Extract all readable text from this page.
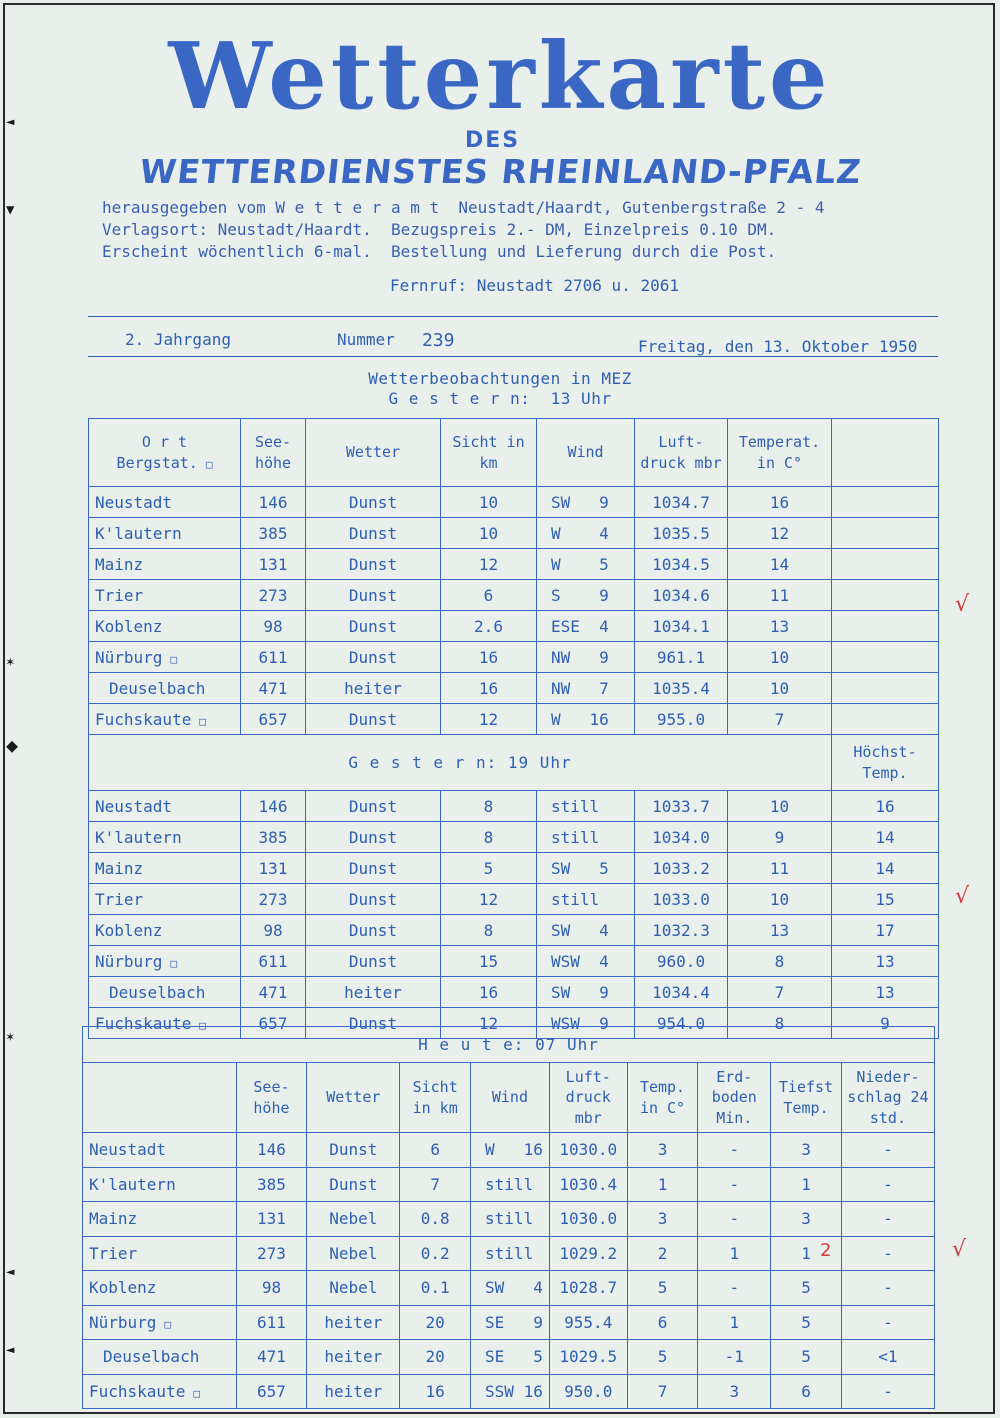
◄
▼
✶
◆
✶
◄
◄
Wetterkarte
DES
WETTERDIENSTES RHEINLAND-PFALZ
herausgegeben vom W e t t e r a m t  Neustadt/Haardt, Gutenbergstraße 2 - 4
Verlagsort: Neustadt/Haardt.  Bezugspreis 2.- DM, Einzelpreis 0.10 DM.
Erscheint wöchentlich 6-mal.  Bestellung und Lieferung durch die Post.
Fernruf: Neustadt 2706 u. 2061
2. Jahrgang	Nummer 239	Freitag, den 13. Oktober 1950
Wetterbeobachtungen in MEZ
G e s t e r n:  13 Uhr
O r t
Bergstat. □	See-höhe	Wetter	Sicht in km	Wind	Luft-druck mbr	Temperat. in C°	
Neustadt	146	Dunst	10	SW   9	1034.7	16	
K'lautern	385	Dunst	10	W    4	1035.5	12	
Mainz	131	Dunst	12	W    5	1034.5	14	
Trier	273	Dunst	6	S    9	1034.6	11	
Koblenz	98	Dunst	2.6	ESE  4	1034.1	13	
Nürburg □	611	Dunst	16	NW   9	961.1	10	
Deuselbach	471	heiter	16	NW   7	1035.4	10	
Fuchskaute □	657	Dunst	12	W   16	955.0	7	
G e s t e r n: 19 Uhr							Höchst-Temp.
Neustadt	146	Dunst	8	still	1033.7	10	16
K'lautern	385	Dunst	8	still	1034.0	9	14
Mainz	131	Dunst	5	SW   5	1033.2	11	14
Trier	273	Dunst	12	still	1033.0	10	15
Koblenz	98	Dunst	8	SW   4	1032.3	13	17
Nürburg □	611	Dunst	15	WSW  4	960.0	8	13
Deuselbach	471	heiter	16	SW   9	1034.4	7	13
Fuchskaute □	657	Dunst	12	WSW  9	954.0	8	9
H e u t e: 07 Uhr									
	See-höhe	Wetter	Sicht in km	Wind	Luft-druck mbr	Temp. in C°	Erd-boden Min.	Tiefst Temp.	Nieder-schlag 24 std.
Neustadt	146	Dunst	6	W   16	1030.0	3	-	3	-
K'lautern	385	Dunst	7	still	1030.4	1	-	1	-
Mainz	131	Nebel	0.8	still	1030.0	3	-	3	-
Trier	273	Nebel	0.2	still	1029.2	2	1	1	-
Koblenz	98	Nebel	0.1	SW   4	1028.7	5	-	5	-
Nürburg □	611	heiter	20	SE   9	955.4	6	1	5	-
Deuselbach	471	heiter	20	SE   5	1029.5	5	-1	5	<1
Fuchskaute □	657	heiter	16	SSW 16	950.0	7	3	6	-
√
√
√
2
